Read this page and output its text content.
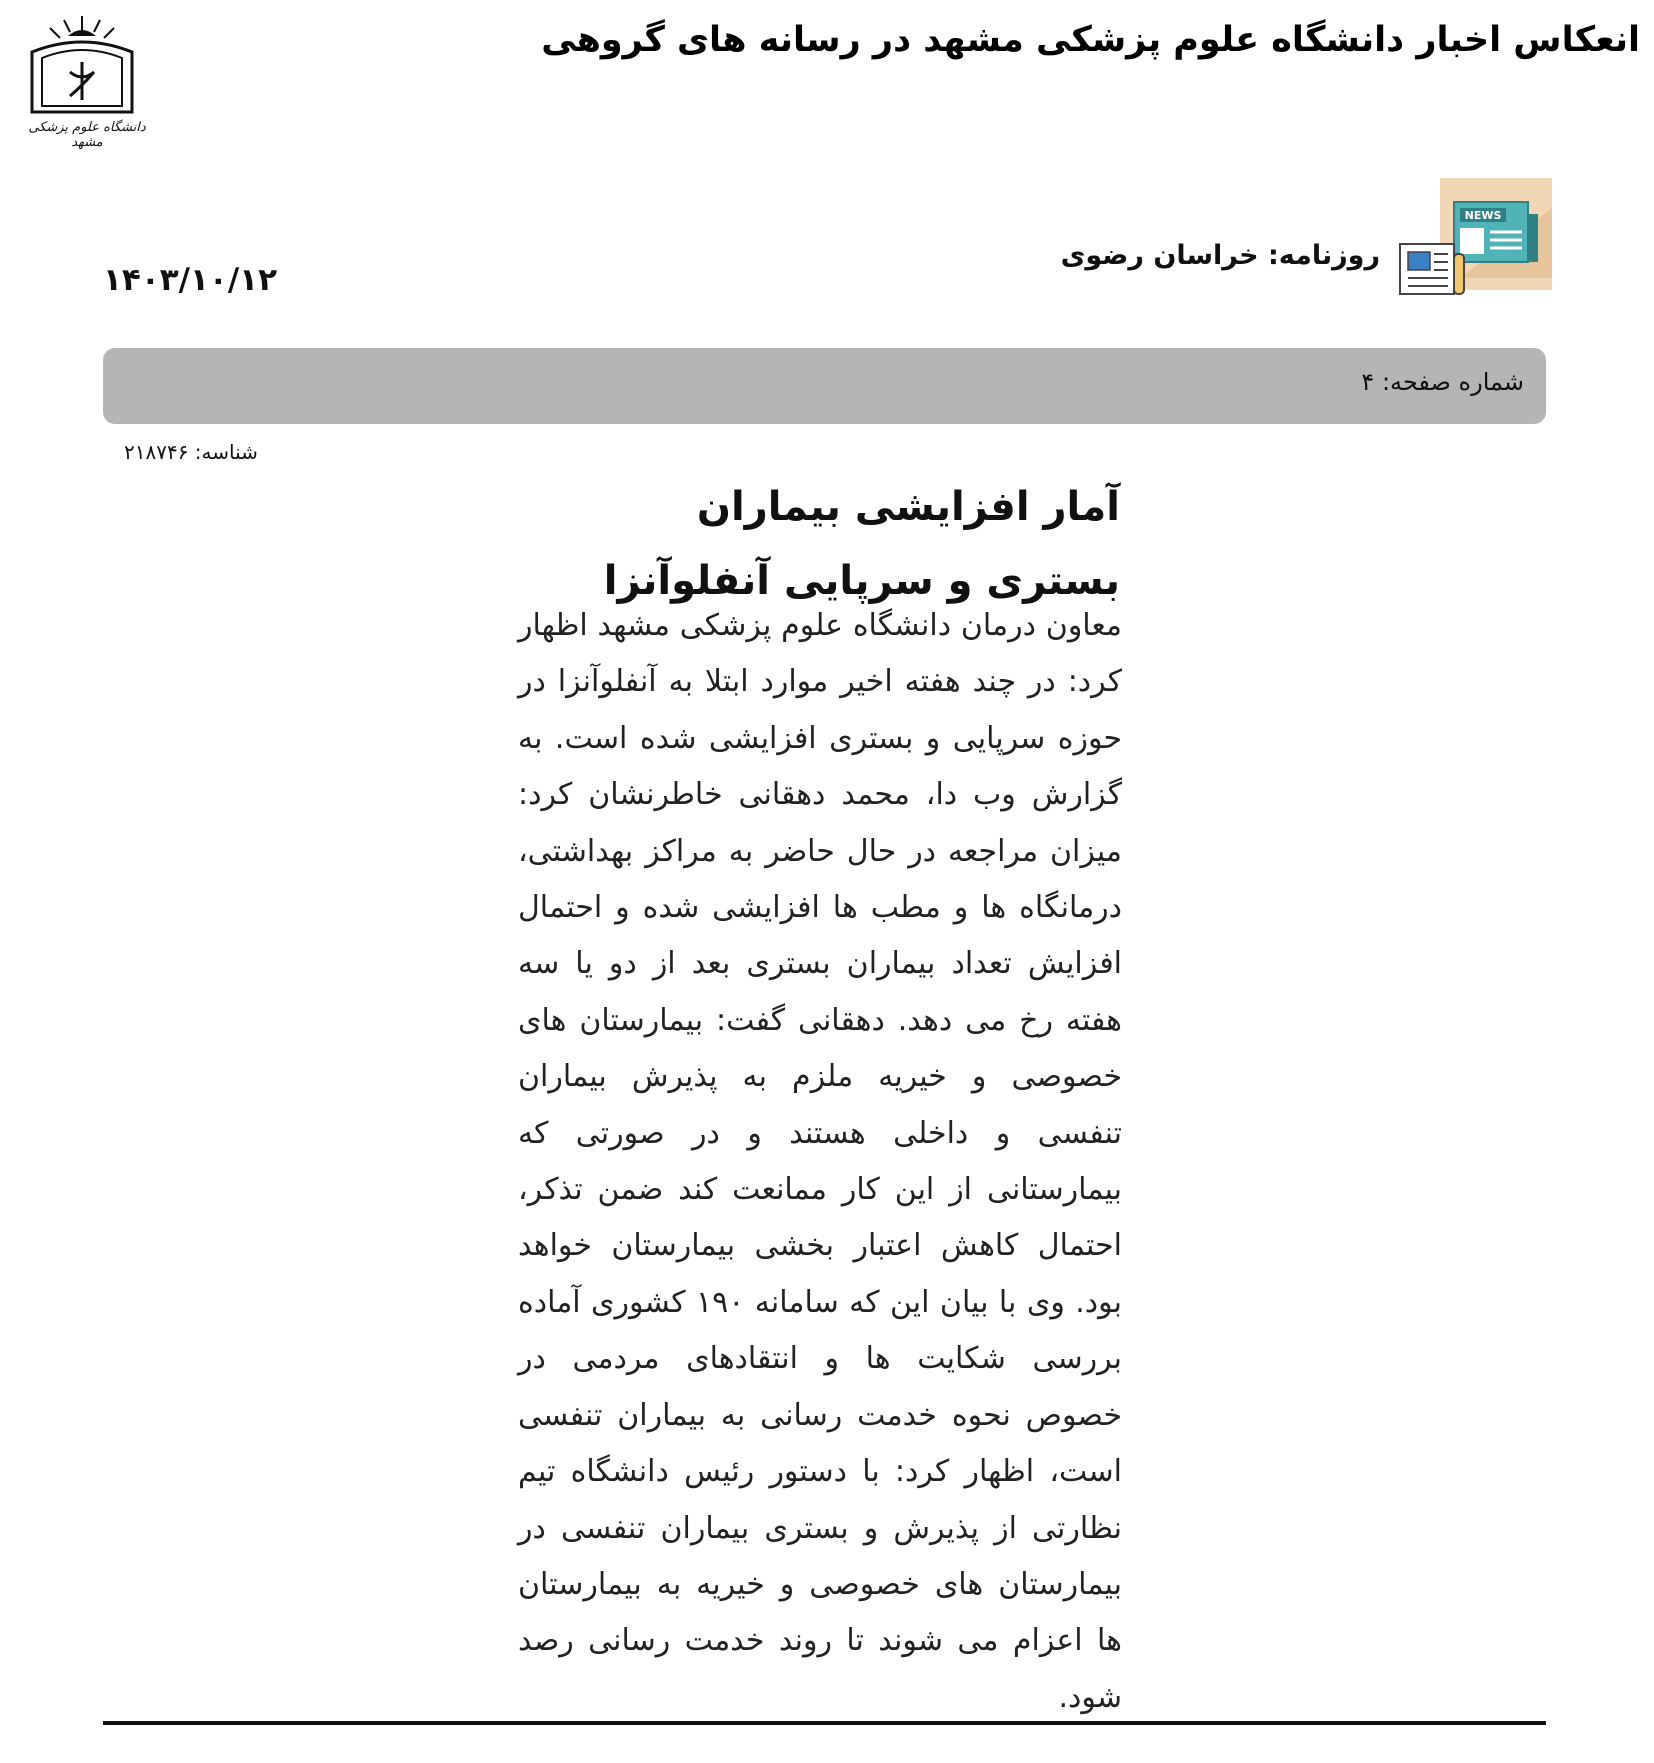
دانشگاه علوم پزشکی مشهد
انعکاس اخبار دانشگاه علوم پزشکی مشهد در رسانه های گروهی
NEWS
روزنامه: خراسان رضوی
۱۴۰۳/۱۰/۱۲
شماره صفحه: ۴
شناسه: ۲۱۸۷۴۶
آمار افزایشی بیماران بستری و سرپایی آنفلوآنزا
معاون درمان دانشگاه علوم پزشکی مشهد اظهار کرد: در چند هفته اخیر موارد ابتلا به آنفلوآنزا در حوزه سرپایی و بستری افزایشی شده است. به گزارش وب دا، محمد دهقانی خاطرنشان کرد: میزان مراجعه در حال حاضر به مراکز بهداشتی، درمانگاه ها و مطب ها افزایشی شده و احتمال افزایش تعداد بیماران بستری بعد از دو یا سه هفته رخ می دهد. دهقانی گفت: بیمارستان های خصوصی و خیریه ملزم به پذیرش بیماران تنفسی و داخلی هستند و در صورتی که بیمارستانی از این کار ممانعت کند ضمن تذکر، احتمال کاهش اعتبار بخشی بیمارستان خواهد بود. وی با بیان این که سامانه ۱۹۰ کشوری آماده بررسی شکایت ها و انتقادهای مردمی در خصوص نحوه خدمت رسانی به بیماران تنفسی است، اظهار کرد: با دستور رئیس دانشگاه تیم نظارتی از پذیرش و بستری بیماران تنفسی در بیمارستان های خصوصی و خیریه به بیمارستان ها اعزام می شوند تا روند خدمت رسانی رصد شود.
